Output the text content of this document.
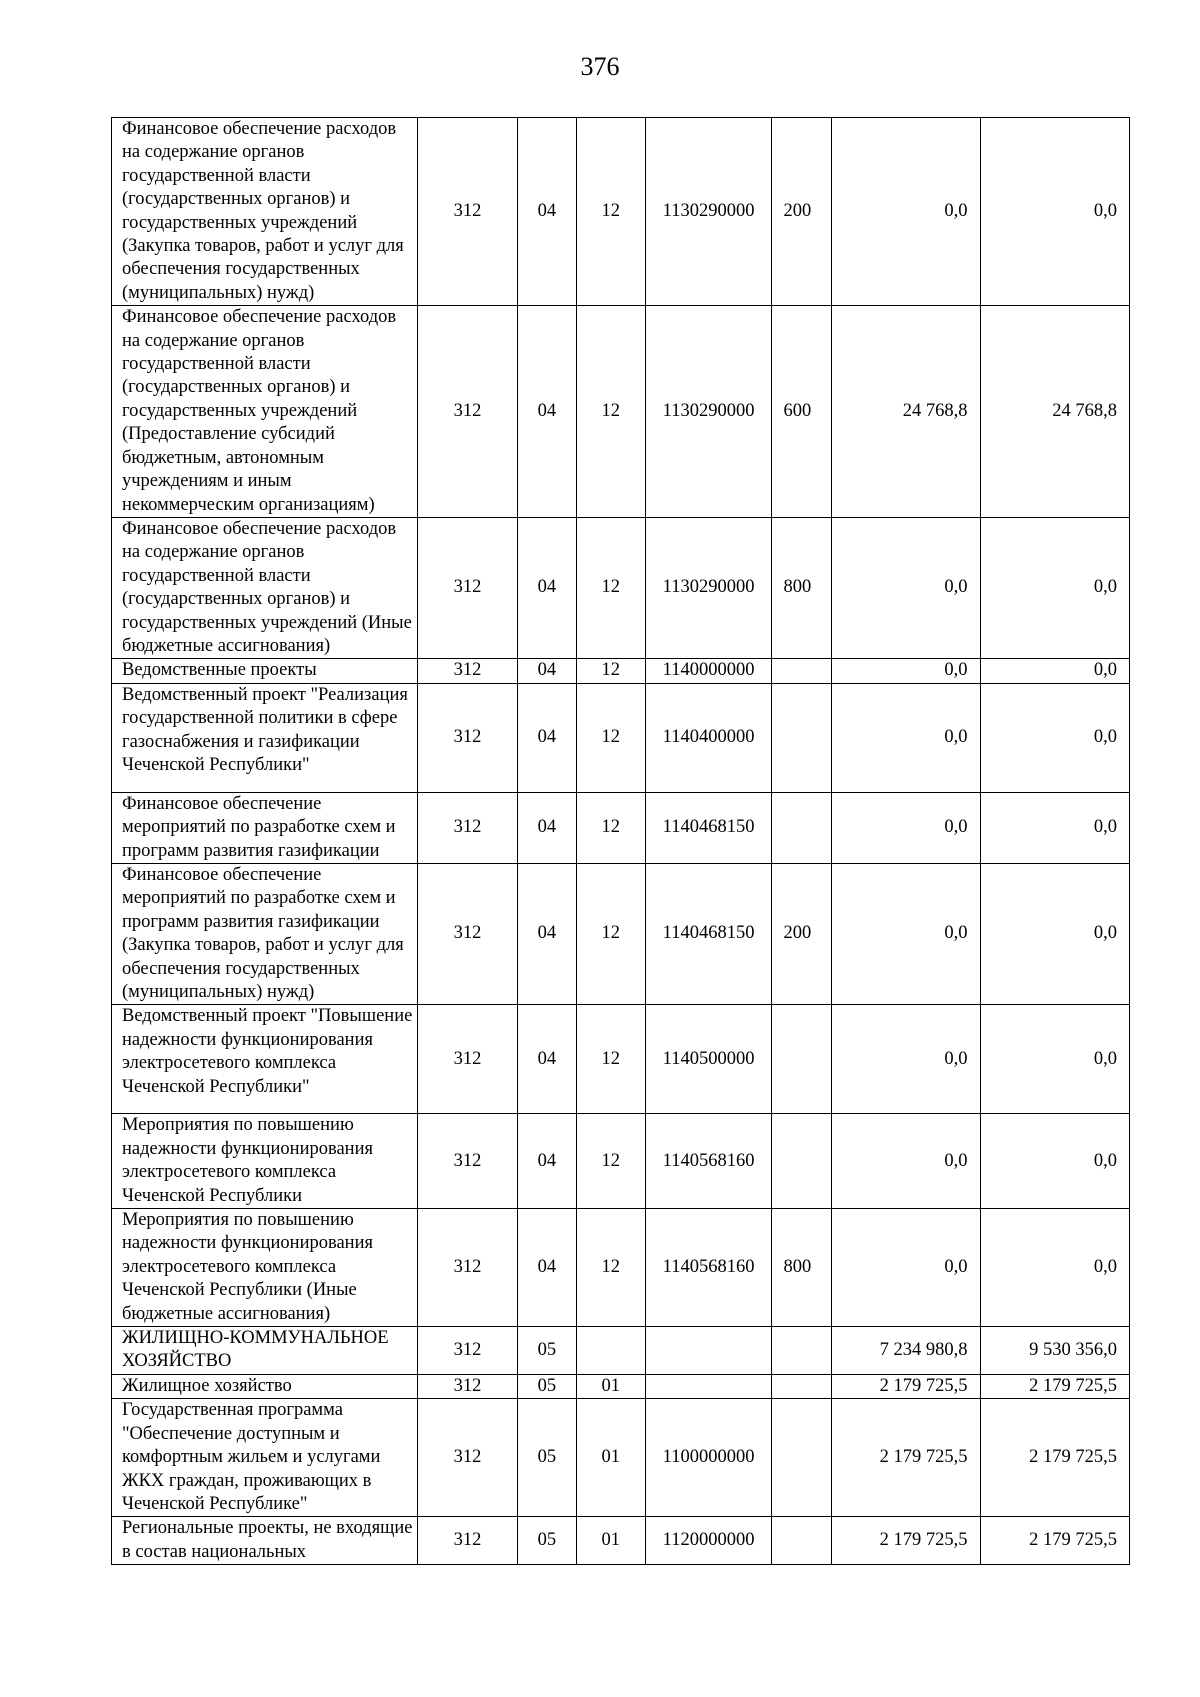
376
Финансовое обеспечение расходов на содержание органов государственной власти (государственных органов) и государственных учреждений (Закупка товаров, работ и услуг для обеспечения государственных (муниципальных) нужд)	312	04	12	1130290000	200	0,0	0,0
Финансовое обеспечение расходов на содержание органов государственной власти (государственных органов) и государственных учреждений (Предоставление субсидий бюджетным, автономным учреждениям и иным некоммерческим организациям)	312	04	12	1130290000	600	24 768,8	24 768,8
Финансовое обеспечение расходов на содержание органов государственной власти (государственных органов) и государственных учреждений (Иные бюджетные ассигнования)	312	04	12	1130290000	800	0,0	0,0
Ведомственные проекты	312	04	12	1140000000		0,0	0,0
Ведомственный проект "Реализация государственной политики в сфере газоснабжения и газификации Чеченской Республики"	312	04	12	1140400000		0,0	0,0
Финансовое обеспечение мероприятий по разработке схем и программ развития газификации	312	04	12	1140468150		0,0	0,0
Финансовое обеспечение мероприятий по разработке схем и программ развития газификации (Закупка товаров, работ и услуг для обеспечения государственных (муниципальных) нужд)	312	04	12	1140468150	200	0,0	0,0
Ведомственный проект "Повышение надежности функционирования электросетевого комплекса Чеченской Республики"	312	04	12	1140500000		0,0	0,0
Мероприятия по повышению надежности функционирования электросетевого комплекса Чеченской Республики	312	04	12	1140568160		0,0	0,0
Мероприятия по повышению надежности функционирования электросетевого комплекса Чеченской Республики (Иные бюджетные ассигнования)	312	04	12	1140568160	800	0,0	0,0
ЖИЛИЩНО-КОММУНАЛЬНОЕ ХОЗЯЙСТВО	312	05				7 234 980,8	9 530 356,0
Жилищное хозяйство	312	05	01			2 179 725,5	2 179 725,5
Государственная программа "Обеспечение доступным и комфортным жильем и услугами ЖКХ граждан, проживающих в Чеченской Республике"	312	05	01	1100000000		2 179 725,5	2 179 725,5
Региональные проекты, не входящие в состав национальных	312	05	01	1120000000		2 179 725,5	2 179 725,5
